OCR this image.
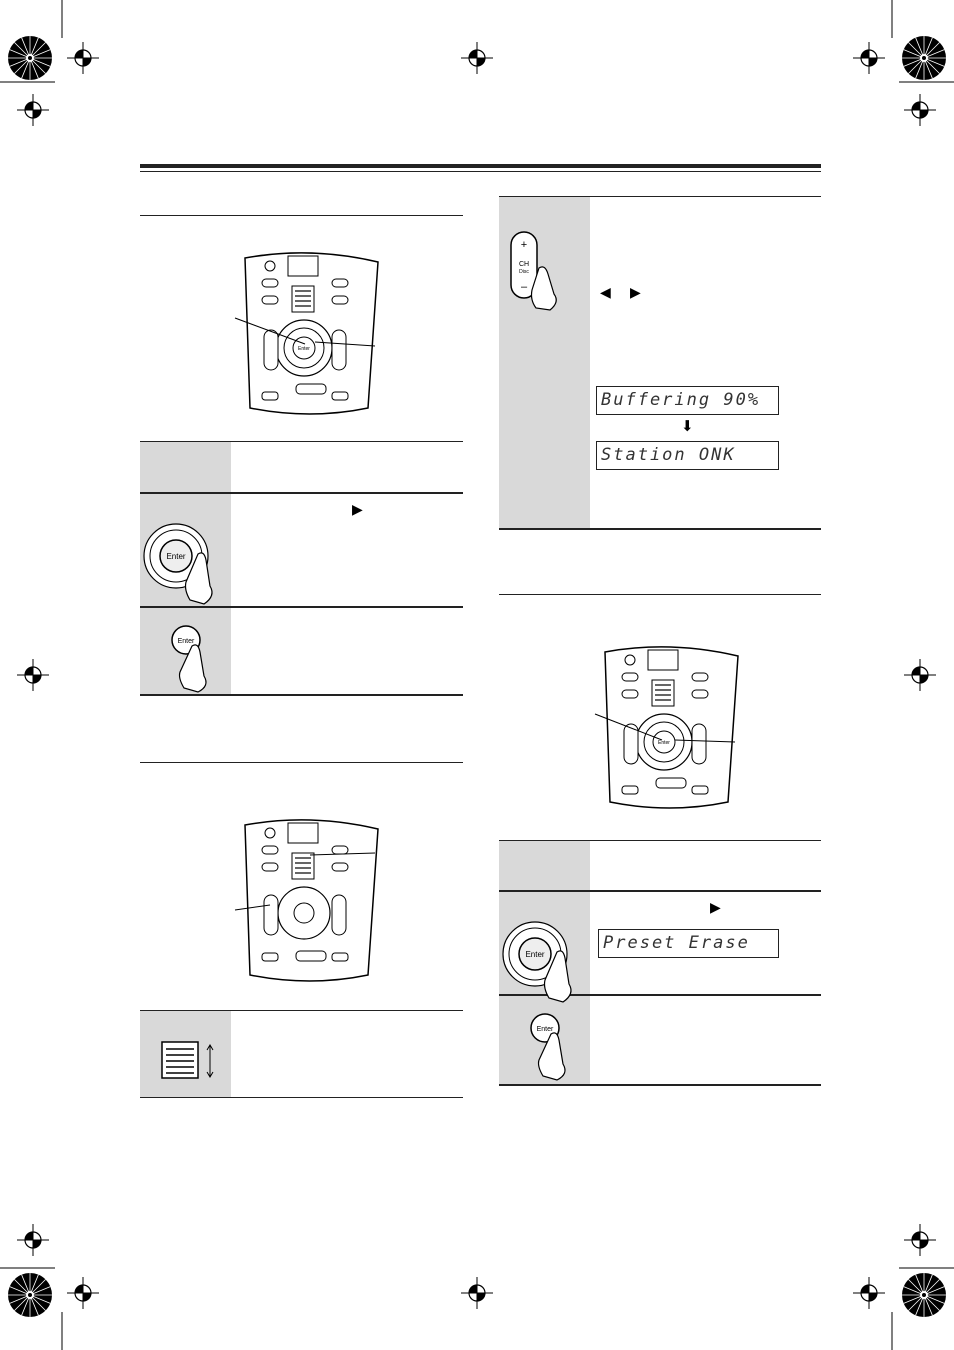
Enter
▶
Enter
Enter
+
CH
Disc
–	◀ ▶
Buffering 90%
⬇
Station ONK
Enter
▶
Preset Erase
Enter
Enter
